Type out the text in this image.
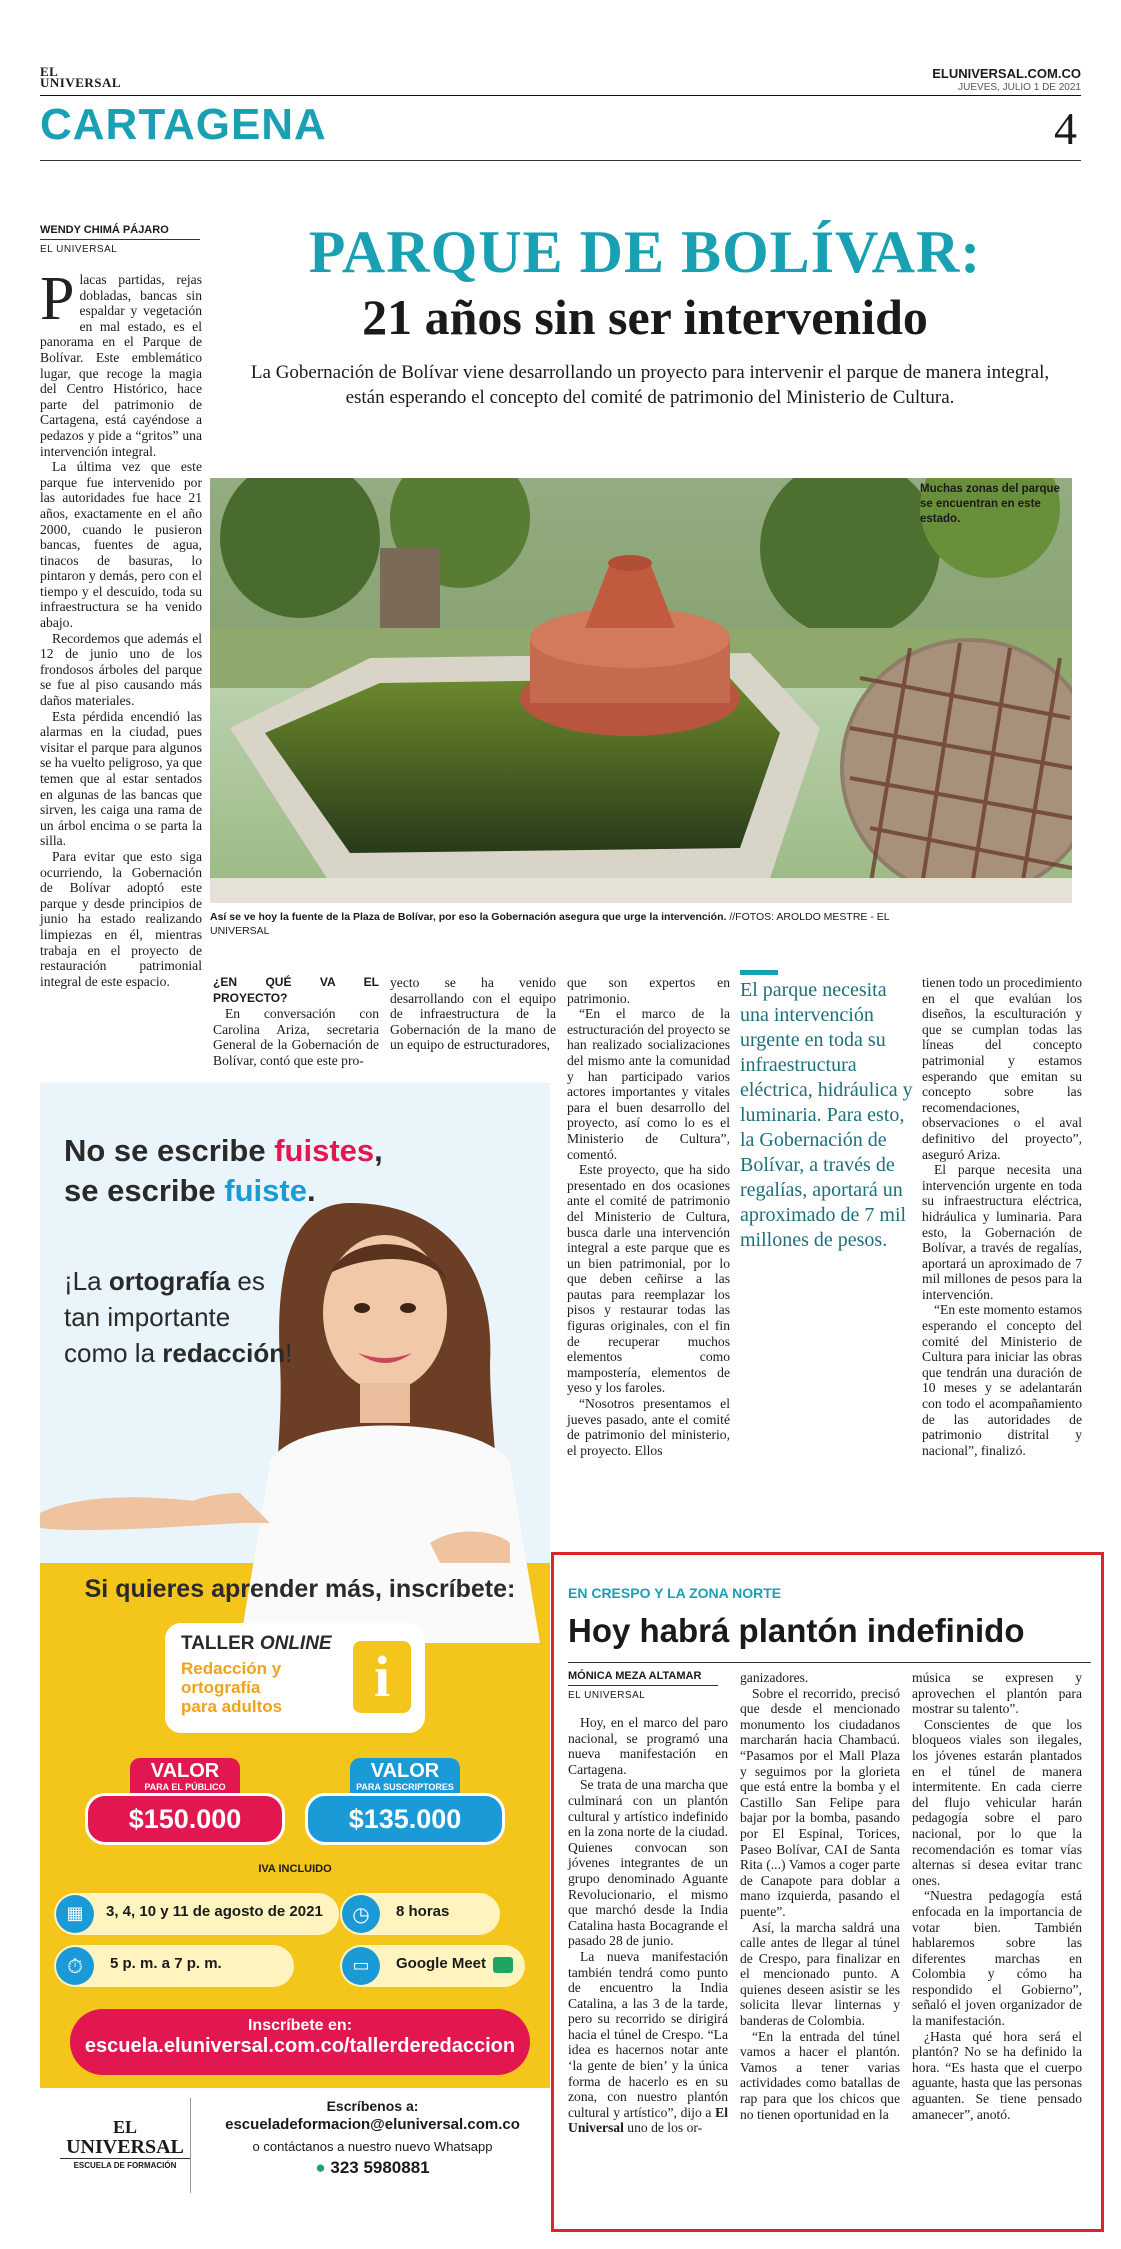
EL
UNIVERSAL
ELUNIVERSAL.COM.CO
JUEVES, JULIO 1 DE 2021
CARTAGENA	4
WENDY CHIMÁ PÁJARO
EL UNIVERSAL	PARQUE DE BOLÍVAR:
21 años sin ser intervenido
La Gobernación de Bolívar viene desarrollando un proyecto para intervenir el parque de manera integral, están esperando el concepto del comité de patrimonio del Ministerio de Cultura.

Placas partidas, rejas dobladas, bancas sin espaldar y vegetación en mal estado, es el panorama en el Parque de Bolívar. Este emblemático lugar, que recoge la magia del Centro Histórico, hace parte del patrimonio de Cartagena, está cayéndose a pedazos y pide a “gritos” una intervención integral.

La última vez que este parque fue intervenido por las autoridades fue hace 21 años, exactamente en el año 2000, cuando le pusieron bancas, fuentes de agua, tinacos de basuras, lo pintaron y demás, pero con el tiempo y el descuido, toda su infraestructura se ha venido abajo.

Recordemos que además el 12 de junio uno de los frondosos árboles del parque se fue al piso causando más daños materiales.

Esta pérdida encendió las alarmas en la ciudad, pues visitar el parque para algunos se ha vuelto peligroso, ya que temen que al estar sentados en algunas de las bancas que sirven, les caiga una rama de un árbol encima o se parta la silla.

Para evitar que esto siga ocurriendo, la Gobernación de Bolívar adoptó este parque y desde principios de junio ha estado realizando limpiezas en él, mientras trabaja en el proyecto de restauración patrimonial integral de este espacio.

Muchas zonas del parque se encuentran en este estado.
Así se ve hoy la fuente de la Plaza de Bolívar, por eso la Gobernación asegura que urge la intervención. //FOTOS: AROLDO MESTRE - EL UNIVERSAL
¿EN QUÉ VA EL PROYECTO?

En conversación con Carolina Ariza, secretaria General de la Gobernación de Bolívar, contó que este pro-

yecto se ha venido desarrollando con el equipo de infraestructura de la Gobernación de la mano de un equipo de estructuradores,

que son expertos en patrimonio.

“En el marco de la estructuración del proyecto se han realizado socializaciones del mismo ante la comunidad y han participado varios actores importantes y vitales para el buen desarrollo del proyecto, así como lo es el Ministerio de Cultura”, comentó.

Este proyecto, que ha sido presentado en dos ocasiones ante el comité de patrimonio del Ministerio de Cultura, busca darle una intervención integral a este parque que es un bien patrimonial, por lo que deben ceñirse a las pautas para reemplazar los pisos y restaurar todas las figuras originales, con el fin de recuperar muchos elementos como mampostería, elementos de yeso y los faroles.

“Nosotros presentamos el jueves pasado, ante el comité de patrimonio del ministerio, el proyecto. Ellos

El parque necesita una intervención urgente en toda su infraestructura eléctrica, hidráulica y luminaria. Para esto, la Gobernación de Bolívar, a través de regalías, aportará un aproximado de 7 mil millones de pesos.

tienen todo un procedimiento en el que evalúan los diseños, la esculturación y que se cumplan todas las líneas del concepto patrimonial y estamos esperando que emitan su concepto sobre las recomendaciones, observaciones o el aval definitivo del proyecto”, aseguró Ariza.

El parque necesita una intervención urgente en toda su infraestructura eléctrica, hidráulica y luminaria. Para esto, la Gobernación de Bolívar, a través de regalías, aportará un aproximado de 7 mil millones de pesos para la intervención.

“En este momento estamos esperando el concepto del comité del Ministerio de Cultura para iniciar las obras que tendrán una duración de 10 meses y se adelantarán con todo el acompañamiento de las autoridades de patrimonio distrital y nacional”, finalizó.

No se escribe fuistes,
se escribe fuiste.
¡La ortografía es
tan importante
como la redacción!
Si quieres aprender más, inscríbete:
TALLER ONLINE
Redacción y
ortografía
para adultos	i
VALOR
PARA EL PÚBLICO
$150.000
VALOR
PARA SUSCRIPTORES
$135.000
IVA INCLUIDO
▦	3, 4, 10 y 11 de agosto de 2021	◷	8 horas
⏱	5 p. m. a 7 p. m.	▭	Google Meet
Inscríbete en:
escuela.eluniversal.com.co/tallerderedaccion
EL
UNIVERSAL
ESCUELA DE FORMACIÓN
Escríbenos a:
escueladeformacion@eluniversal.com.co
o contáctanos a nuestro nuevo Whatsapp
● 323 5980881
EN CRESPO Y LA ZONA NORTE
Hoy habrá plantón indefinido
MÓNICA MEZA ALTAMAR
EL UNIVERSAL

Hoy, en el marco del paro nacional, se programó una nueva manifestación en Cartagena.

Se trata de una marcha que culminará con un plantón cultural y artístico indefinido en la zona norte de la ciudad. Quienes convocan son jóvenes integrantes de un grupo denominado Aguante Revolucionario, el mismo que marchó desde la India Catalina hasta Bocagrande el pasado 28 de junio.

La nueva manifestación también tendrá como punto de encuentro la India Catalina, a las 3 de la tarde, pero su recorrido se dirigirá hacia el túnel de Crespo. “La idea es hacernos notar ante ‘la gente de bien’ y la única forma de hacerlo es en su zona, con nuestro plantón cultural y artístico”, dijo a El Universal uno de los or-

ganizadores.

Sobre el recorrido, precisó que desde el mencionado monumento los ciudadanos marcharán hacia Chambacú. “Pasamos por el Mall Plaza y seguimos por la glorieta que está entre la bomba y el Castillo San Felipe para bajar por la bomba, pasando por El Espinal, Torices, Paseo Bolívar, CAI de Santa Rita (...) Vamos a coger parte de Canapote para doblar a mano izquierda, pasando el puente”.

Así, la marcha saldrá una calle antes de llegar al túnel de Crespo, para finalizar en el mencionado punto. A quienes deseen asistir se les solicita llevar linternas y banderas de Colombia.

“En la entrada del túnel vamos a hacer el plantón. Vamos a tener varias actividades como batallas de rap para que los chicos que no tienen oportunidad en la

música se expresen y aprovechen el plantón para mostrar su talento”.

Conscientes de que los bloqueos viales son ilegales, los jóvenes estarán plantados en el túnel de manera intermitente. En cada cierre del flujo vehicular harán pedagogía sobre el paro nacional, por lo que la recomendación es tomar vías alternas si desea evitar tranc ones.

“Nuestra pedagogía está enfocada en la importancia de votar bien. También hablaremos sobre las diferentes marchas en Colombia y cómo ha respondido el Gobierno”, señaló el joven organizador de la manifestación.

¿Hasta qué hora será el plantón? No se ha definido la hora. “Es hasta que el cuerpo aguante, hasta que las personas aguanten. Se tiene pensado amanecer”, anotó.
